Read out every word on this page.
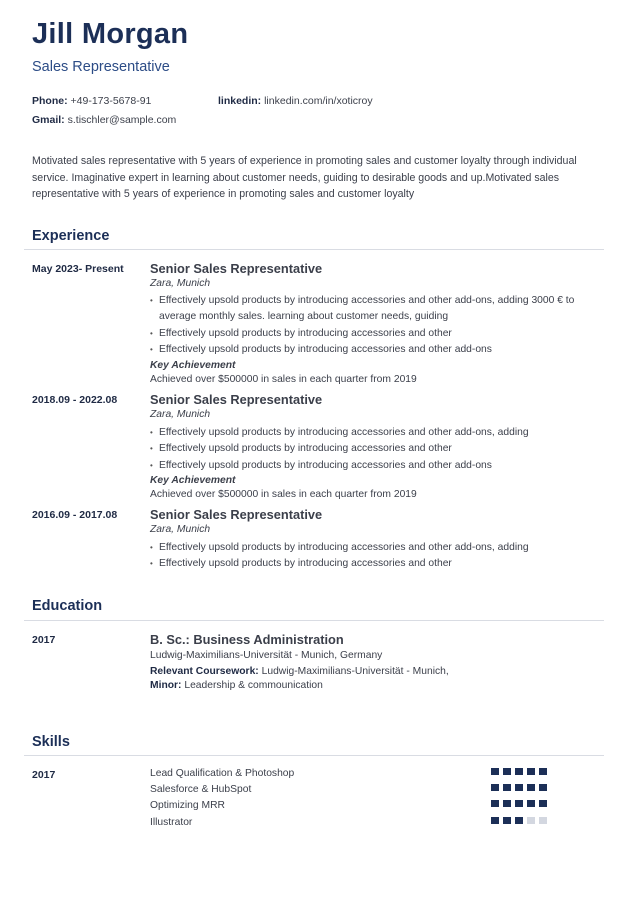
Jill Morgan
Sales Representative
Phone: +49-173-5678-91	linkedin: linkedin.com/in/xoticroy
Gmail: s.tischler@sample.com

Motivated sales representative with 5 years of experience in promoting sales and customer loyalty through individual service. Imaginative expert in learning about customer needs, guiding to desirable goods and up.Motivated sales representative with 5 years of experience in promoting sales and customer loyalty

Experience
May 2023- Present Senior Sales Representative
Zara, Munich
• Effectively upsold products by introducing accessories and other add-ons, adding 3000 € to average monthly sales. learning about customer needs, guiding
• Effectively upsold products by introducing accessories and other
• Effectively upsold products by introducing accessories and other add-ons
Key Achievement
Achieved over $500000 in sales in each quarter from 2019
2018.09 - 2022.08	Senior Sales Representative
Zara, Munich
• Effectively upsold products by introducing accessories and other add-ons, adding
• Effectively upsold products by introducing accessories and other
• Effectively upsold products by introducing accessories and other add-ons
Key Achievement
Achieved over $500000 in sales in each quarter from 2019
2016.09 - 2017.08	Senior Sales Representative
Zara, Munich
• Effectively upsold products by introducing accessories and other add-ons, adding
• Effectively upsold products by introducing accessories and other
Education
2017	B. Sc.: Business Administration
Ludwig-Maximilians-Universität - Munich, Germany
Relevant Coursework: Ludwig-Maximilians-Universität - Munich,
Minor: Leadership & commounication
Skills
2017	Lead Qualification & Photoshop
Salesforce & HubSpot
Optimizing MRR
Illustrator
